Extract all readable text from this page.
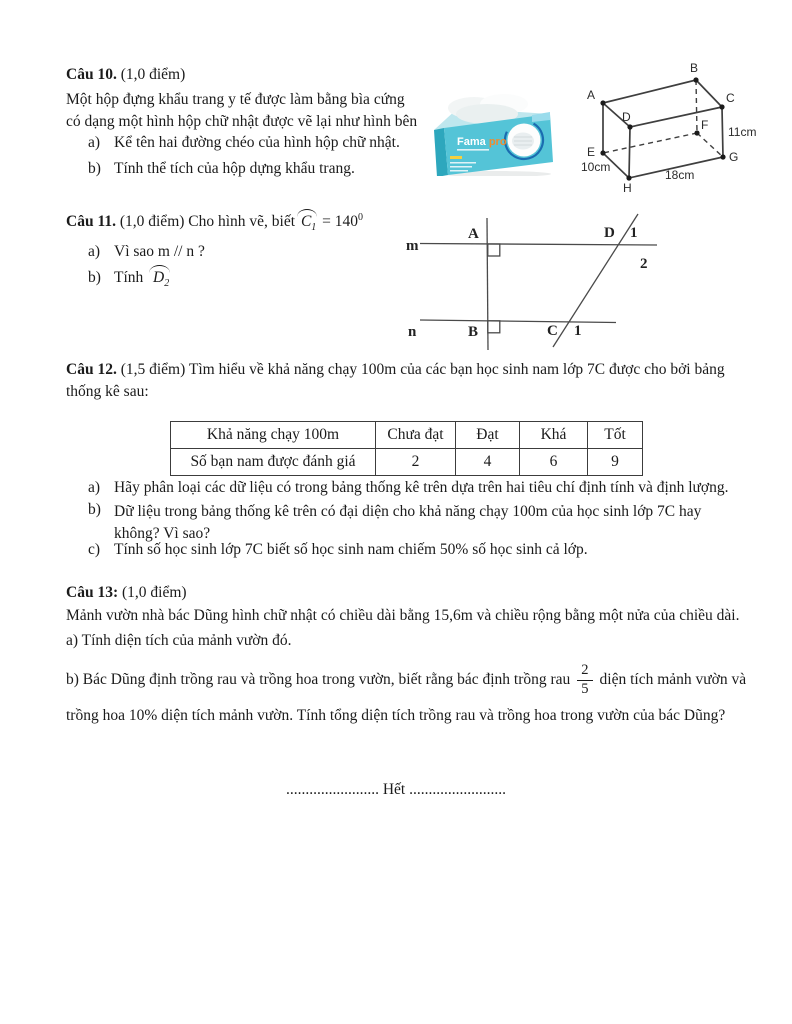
Câu 10. (1,0 điểm)
Một hộp đựng khẩu trang y tế được làm bằng bìa cứng
có dạng một hình hộp chữ nhật được vẽ lại như hình bên
a) Kể tên hai đường chéo của hình hộp chữ nhật.
b) Tính thể tích của hộp dựng khẩu trang.
Fama pro
A
B
C
D
E
F
G
H
11cm
10cm
18cm
Câu 11. (1,0 điểm) Cho hình vẽ, biết $C_1 = 140^0$
a) Vì sao m // n ?
b) Tính $D_2$
m
n
A
B	C
D 1
2
1
Câu 12. (1,5 điểm) Tìm hiểu về khả năng chạy 100m của các bạn học sinh nam lớp 7C được cho bởi bảng
thống kê sau:
Khả năng chạy 100m	Chưa đạt	Đạt	Khá	Tốt
Số bạn nam được đánh giá	2	4	6	9
a) Hãy phân loại các dữ liệu có trong bảng thống kê trên dựa trên hai tiêu chí định tính và định lượng.
b) Dữ liệu trong bảng thống kê trên có đại diện cho khả năng chạy 100m của học sinh lớp 7C hay
không? Vì sao?
c) Tính số học sinh lớp 7C biết số học sinh nam chiếm 50% số học sinh cả lớp.
Câu 13: (1,0 điểm)
Mảnh vườn nhà bác Dũng hình chữ nhật có chiều dài bằng 15,6m và chiều rộng bằng một nửa của chiều dài.
a) Tính diện tích của mảnh vườn đó.
b) Bác Dũng định trồng rau và trồng hoa trong vườn, biết rằng bác định trồng rau $\frac{2}{5}$ diện tích mảnh vườn và
trồng hoa 10% diện tích mảnh vườn. Tính tổng diện tích trồng rau và trồng hoa trong vườn của bác Dũng?
........................ Hết .........................
